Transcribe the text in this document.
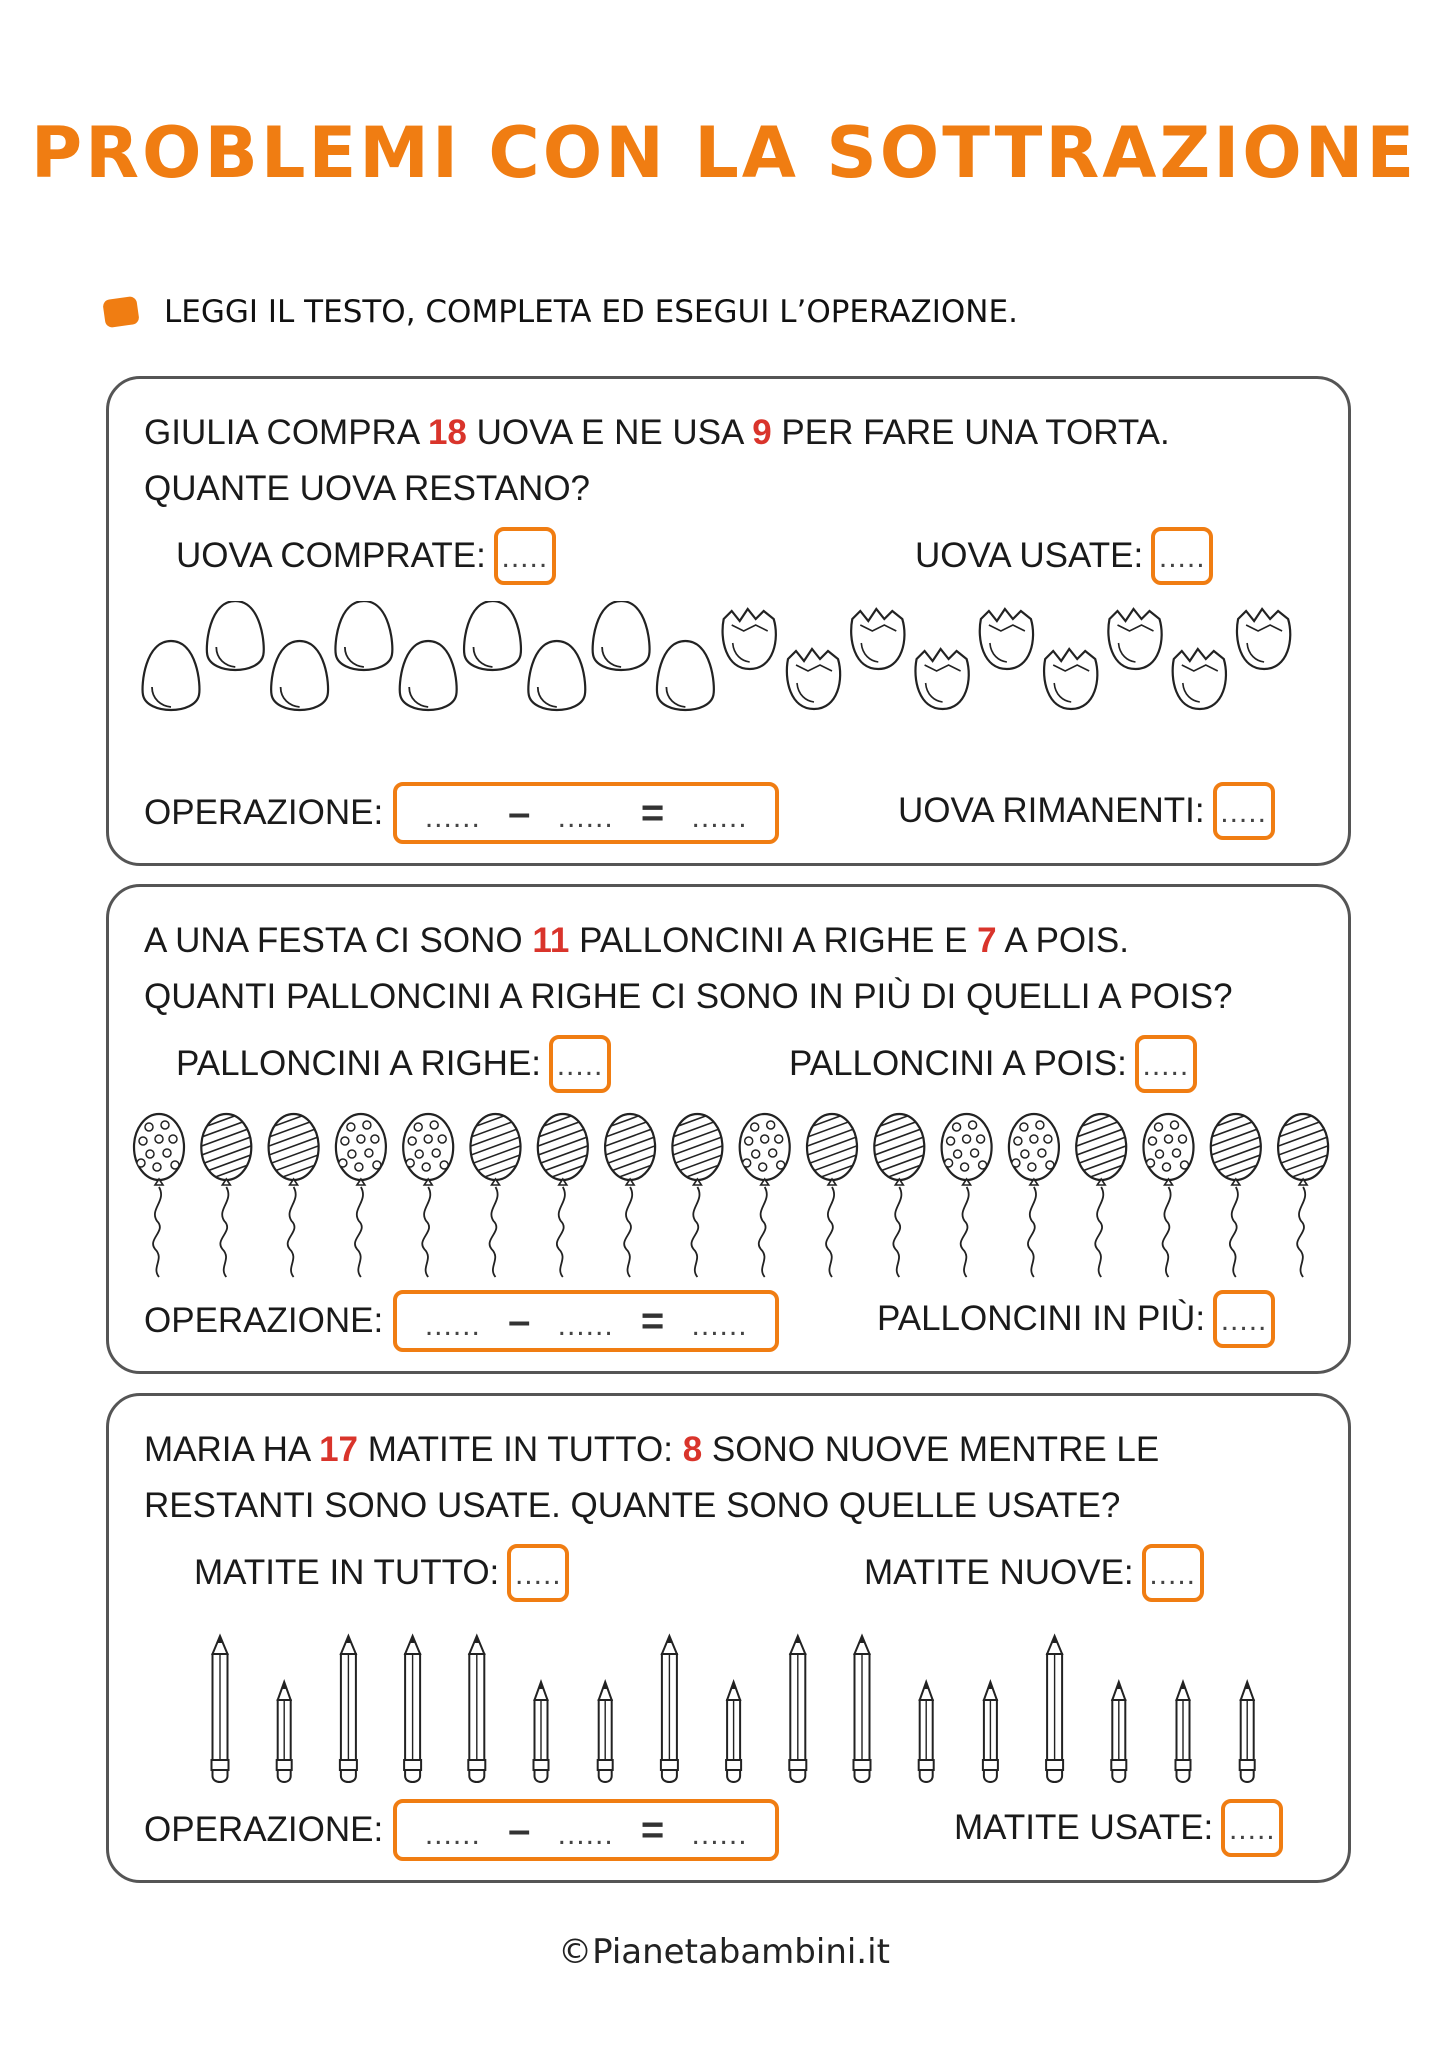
PROBLEMI CON LA SOTTRAZIONE
LEGGI IL TESTO, COMPLETA ED ESEGUI L’OPERAZIONE.
GIULIA COMPRA 18 UOVA E NE USA 9 PER FARE UNA TORTA.
QUANTE UOVA RESTANO?
UOVA COMPRATE: .....	UOVA USATE: .....
OPERAZIONE: ...... – ...... = ......	UOVA RIMANENTI: .....
A UNA FESTA CI SONO 11 PALLONCINI A RIGHE E 7 A POIS.
QUANTI PALLONCINI A RIGHE CI SONO IN PIÙ DI QUELLI A POIS?
PALLONCINI A RIGHE: .....	PALLONCINI A POIS: .....
OPERAZIONE: ...... – ...... = ......	PALLONCINI IN PIÙ: .....
MARIA HA 17 MATITE IN TUTTO: 8 SONO NUOVE MENTRE LE
RESTANTI SONO USATE. QUANTE SONO QUELLE USATE?
MATITE IN TUTTO: .....	MATITE NUOVE: .....
OPERAZIONE: ...... – ...... = ......	MATITE USATE: .....
©Pianetabambini.it
